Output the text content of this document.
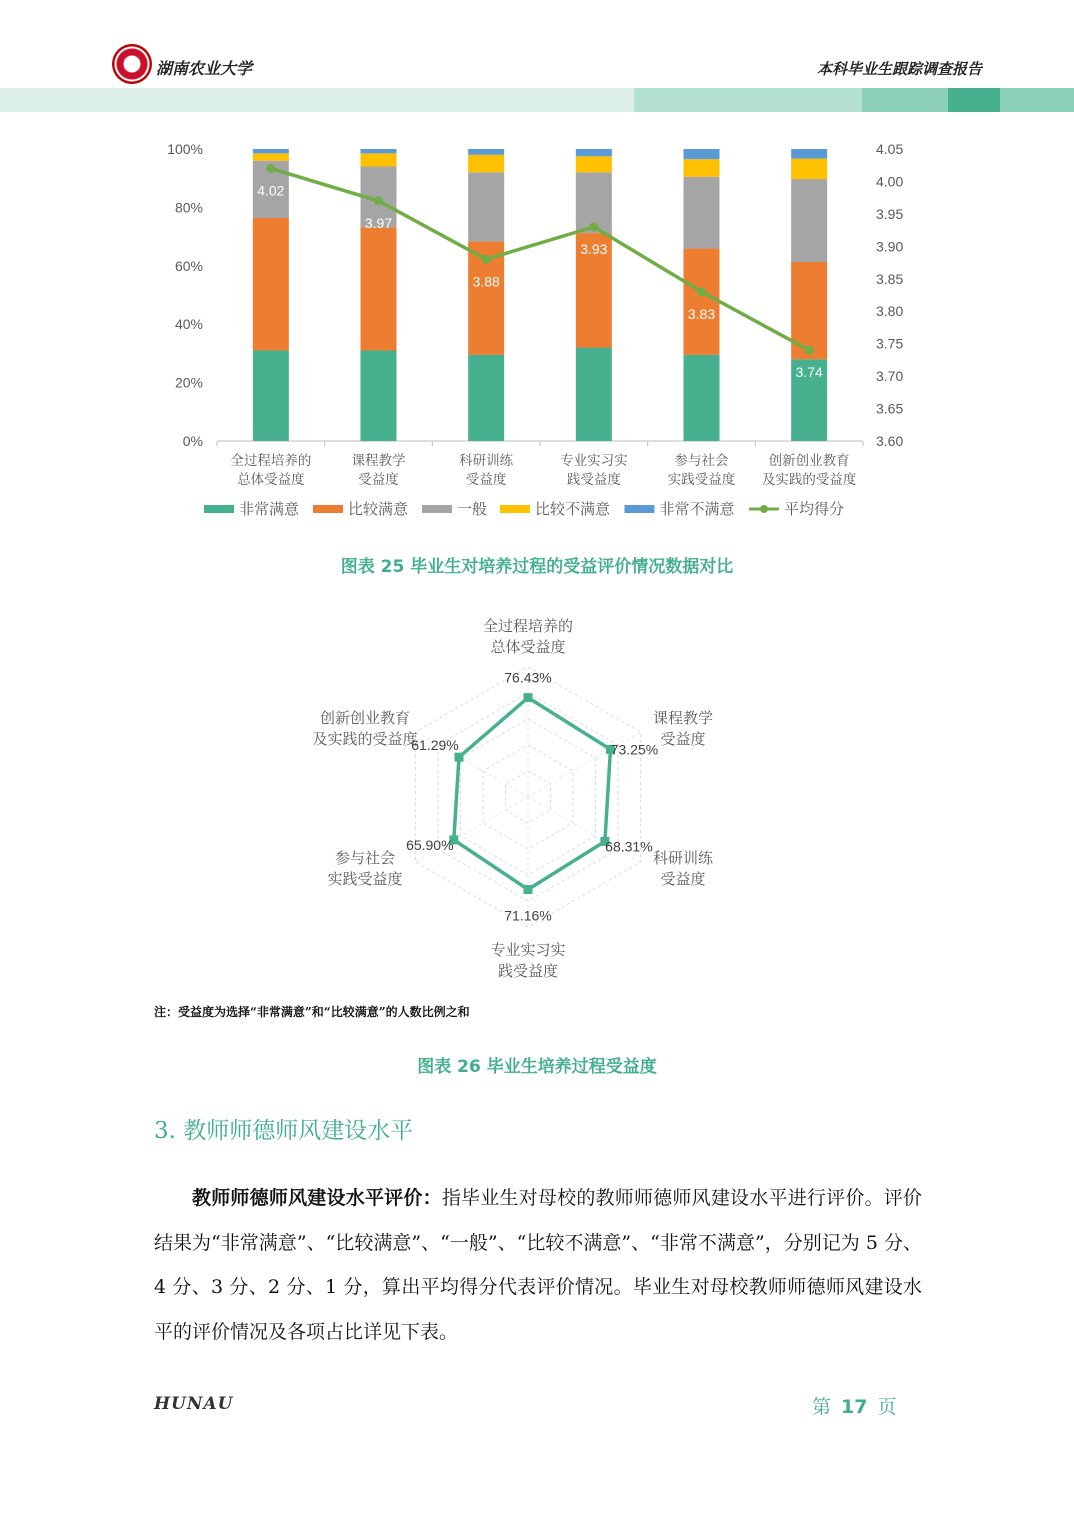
湖南农业大学	本科毕业生跟踪调查报告
0%
20%
40%
60%
80%
100%
3.60
3.65
3.70
3.75
3.80
3.85
3.90
3.95
4.00
4.05
全过程培养的
总体受益度
课程教学
受益度
科研训练
受益度
专业实习实
践受益度
参与社会
实践受益度
创新创业教育
及实践的受益度
4.02
3.97
3.88
3.93
3.83
3.74
非常满意	比较满意	一般	比较不满意	非常不满意	平均得分
图表 25 毕业生对培养过程的受益评价情况数据对比
76.43%
73.25%
68.31%
71.16%
65.90%
61.29%
全过程培养的
总体受益度
课程教学
受益度
科研训练
受益度
专业实习实
践受益度
参与社会
实践受益度
创新创业教育
及实践的受益度
注：受益度为选择“非常满意”和“比较满意”的人数比例之和
图表 26 毕业生培养过程受益度
3. 教师师德师风建设水平
教师师德师风建设水平评价：指毕业生对母校的教师师德师风建设水平进行评价。评价结果为“非常满意”、“比较满意”、“一般”、“比较不满意”、“非常不满意”，分别记为 5 分、4 分、3 分、2 分、1 分，算出平均得分代表评价情况。毕业生对母校教师师德师风建设水平的评价情况及各项占比详见下表。
HUNAU	第 17 页
